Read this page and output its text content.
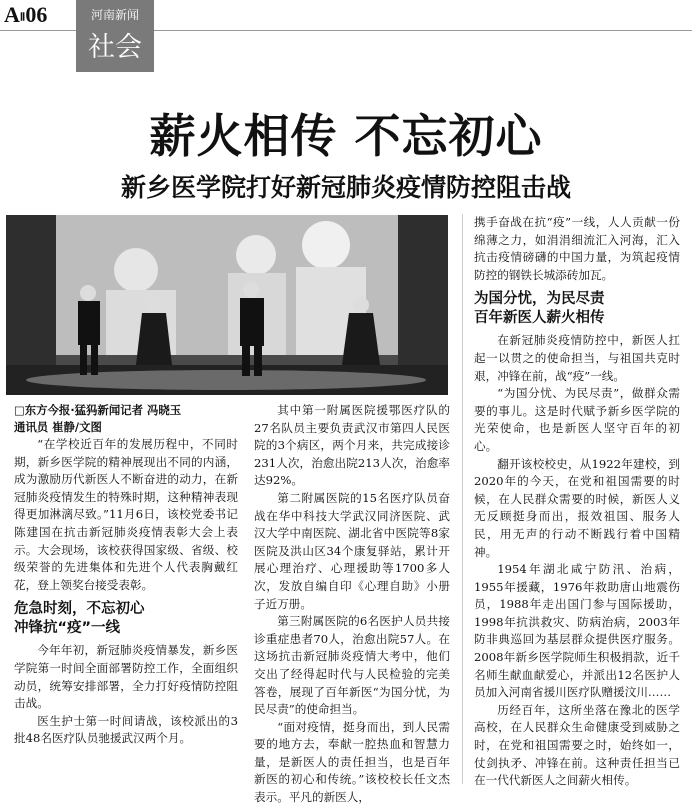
AⅡ06	河南新闻
社会
薪火相传 不忘初心
新乡医学院打好新冠肺炎疫情防控阻击战
□东方今报·猛犸新闻记者 冯晓玉
通讯员 崔静/文图

“在学校近百年的发展历程中，不同时期，新乡医学院的精神展现出不同的内涵，成为激励历代新医人不断奋进的动力，在新冠肺炎疫情发生的特殊时期，这种精神表现得更加淋漓尽致。”11月6日，该校党委书记陈建国在抗击新冠肺炎疫情表彰大会上表示。大会现场，该校获得国家级、省级、校级荣誉的先进集体和先进个人代表胸戴红花，登上领奖台接受表彰。

危急时刻，不忘初心
冲锋抗“疫”一线

今年年初，新冠肺炎疫情暴发，新乡医学院第一时间全面部署防控工作，全面组织动员，统筹安排部署，全力打好疫情防控阻击战。

医生护士第一时间请战，该校派出的3批48名医疗队员驰援武汉两个月。

其中第一附属医院援鄂医疗队的27名队员主要负责武汉市第四人民医院的3个病区，两个月来，共完成接诊231人次，治愈出院213人次，治愈率达92%。

第二附属医院的15名医疗队员奋战在华中科技大学武汉同济医院、武汉大学中南医院、湖北省中医院等8家医院及洪山区34个康复驿站，累计开展心理治疗、心理援助等1700多人次，发放自编自印《心理自助》小册子近万册。

第三附属医院的6名医护人员共接诊重症患者70人，治愈出院57人。在这场抗击新冠肺炎疫情大考中，他们交出了经得起时代与人民检验的完美答卷，展现了百年新医“为国分忧，为民尽责”的使命担当。

“面对疫情，挺身而出，到人民需要的地方去，奉献一腔热血和智慧力量，是新医人的责任担当，也是百年新医的初心和传统。”该校校长任文杰表示。平凡的新医人，

携手奋战在抗“疫”一线，人人贡献一份绵薄之力，如涓涓细流汇入河海，汇入抗击疫情磅礴的中国力量，为筑起疫情防控的钢铁长城添砖加瓦。

为国分忧，为民尽责
百年新医人薪火相传

在新冠肺炎疫情防控中，新医人扛起一以贯之的使命担当，与祖国共克时艰，冲锋在前，战“疫”一线。

“为国分忧、为民尽责”，做群众需要的事儿。这是时代赋予新乡医学院的光荣使命，也是新医人坚守百年的初心。

翻开该校校史，从1922年建校，到2020年的今天，在党和祖国需要的时候，在人民群众需要的时候，新医人义无反顾挺身而出，报效祖国、服务人民，用无声的行动不断践行着中国精神。

1954年湖北咸宁防汛、治病，1955年援藏，1976年救助唐山地震伤员，1988年走出国门参与国际援助，1998年抗洪救灾、防病治病，2003年防非典巡回为基层群众提供医疗服务。2008年新乡医学院师生积极捐款，近千名师生献血献爱心，并派出12名医护人员加入河南省援川医疗队赠援汶川……

历经百年，这所坐落在豫北的医学高校，在人民群众生命健康受到威胁之时，在党和祖国需要之时，始终如一，仗剑执矛、冲锋在前。这种责任担当已在一代代新医人之间薪火相传。
